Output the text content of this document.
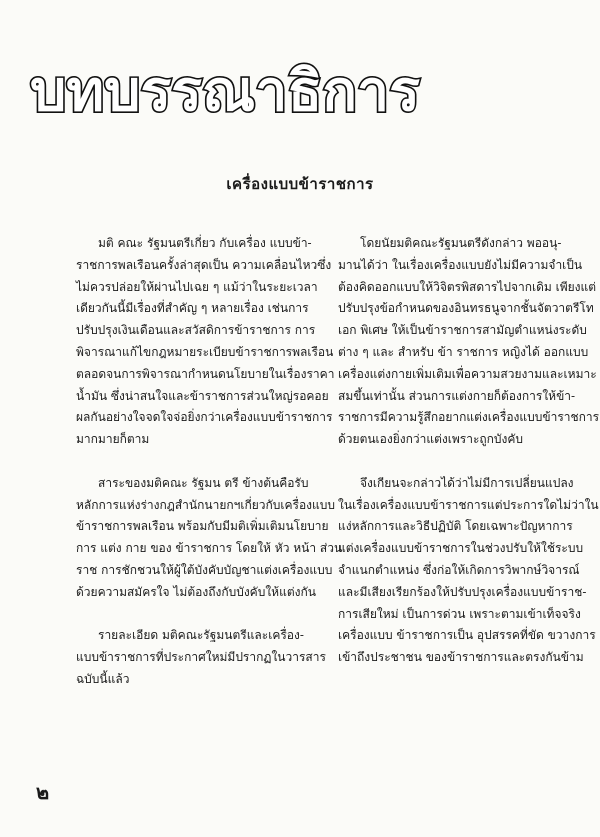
บทบรรณาธิการ
เครื่องแบบข้าราชการ
มติ คณะ รัฐมนตรีเกี่ยว กับเครื่อง แบบข้า-
ราชการพลเรือนครั้งล่าสุดเป็น ความเคลื่อนไหวซึ่ง
ไม่ควรปล่อยให้ผ่านไปเฉย ๆ แม้ว่าในระยะเวลา
เดียวกันนี้มีเรื่องที่สำคัญ ๆ หลายเรื่อง เช่นการ
ปรับปรุงเงินเดือนและสวัสดิการข้าราชการ การ
พิจารณาแก้ไขกฎหมายระเบียบข้าราชการพลเรือน
ตลอดจนการพิจารณากำหนดนโยบายในเรื่องราคา
น้ำมัน ซึ่งน่าสนใจและข้าราชการส่วนใหญ่รอคอย
ผลกันอย่างใจจดใจจ่อยิ่งกว่าเครื่องแบบข้าราชการ
มากมายก็ตาม
สาระของมติคณะ รัฐมน ตรี ข้างต้นคือรับ
หลักการแห่งร่างกฎสำนักนายกฯเกี่ยวกับเครื่องแบบ
ข้าราชการพลเรือน พร้อมกับมีมติเพิ่มเติมนโยบาย
การ แต่ง กาย ของ ข้าราชการ โดยให้ หัว หน้า ส่วน
ราช การชักชวนให้ผู้ใต้บังคับบัญชาแต่งเครื่องแบบ
ด้วยความสมัครใจ ไม่ต้องถึงกับบังคับให้แต่งกัน
รายละเอียด มติคณะรัฐมนตรีและเครื่อง-
แบบข้าราชการที่ประกาศใหม่มีปรากฏในวารสาร
ฉบับนี้แล้ว
โดยนัยมติคณะรัฐมนตรีดังกล่าว พออนุ-
มานได้ว่า ในเรื่องเครื่องแบบยังไม่มีความจำเป็น
ต้องคิดออกแบบให้วิจิตรพิสดารไปจากเดิม เพียงแต่
ปรับปรุงข้อกำหนดของอินทรธนูจากชั้นจัตวาตรีโท
เอก พิเศษ ให้เป็นข้าราชการสามัญตำแหน่งระดับ
ต่าง ๆ และ สำหรับ ข้า ราชการ หญิงได้ ออกแบบ
เครื่องแต่งกายเพิ่มเติมเพื่อความสวยงามและเหมาะ
สมขึ้นเท่านั้น ส่วนการแต่งกายก็ต้องการให้ข้า-
ราชการมีความรู้สึกอยากแต่งเครื่องแบบข้าราชการ
ด้วยตนเองยิ่งกว่าแต่งเพราะถูกบังคับ
จึงเกียนจะกล่าวได้ว่าไม่มีการเปลี่ยนแปลง
ในเรื่องเครื่องแบบข้าราชการแต่ประการใดไม่ว่าใน
แง่หลักการและวิธีปฏิบัติ โดยเฉพาะปัญหาการ
แต่งเครื่องแบบข้าราชการในช่วงปรับให้ใช้ระบบ
จำแนกตำแหน่ง ซึ่งก่อให้เกิดการวิพากษ์วิจารณ์
และมีเสียงเรียกร้องให้ปรับปรุงเครื่องแบบข้าราช-
การเสียใหม่ เป็นการด่วน เพราะตามเข้าเท็จจริง
เครื่องแบบ ข้าราชการเป็น อุปสรรคที่ขัด ขวางการ
เข้าถึงประชาชน ของข้าราชการและตรงกันข้าม
๒
